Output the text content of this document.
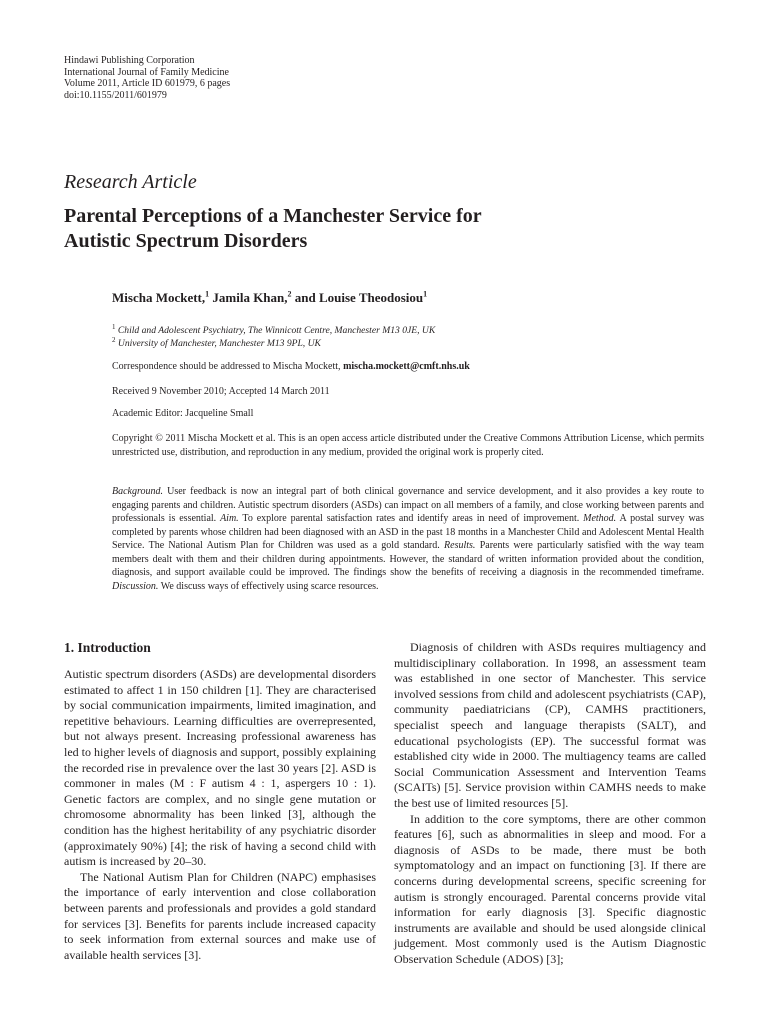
Hindawi Publishing Corporation
International Journal of Family Medicine
Volume 2011, Article ID 601979, 6 pages
doi:10.1155/2011/601979
Research Article
Parental Perceptions of a Manchester Service for
Autistic Spectrum Disorders
Mischa Mockett,$^1$ Jamila Khan,$^2$ and Louise Theodosiou$^1$
$^1$ Child and Adolescent Psychiatry, The Winnicott Centre, Manchester M13 0JE, UK
$^2$ University of Manchester, Manchester M13 9PL, UK
Correspondence should be addressed to Mischa Mockett, mischa.mockett@cmft.nhs.uk
Received 9 November 2010; Accepted 14 March 2011
Academic Editor: Jacqueline Small
Copyright © 2011 Mischa Mockett et al. This is an open access article distributed under the Creative Commons Attribution License, which permits unrestricted use, distribution, and reproduction in any medium, provided the original work is properly cited.
Background. User feedback is now an integral part of both clinical governance and service development, and it also provides a key route to engaging parents and children. Autistic spectrum disorders (ASDs) can impact on all members of a family, and close working between parents and professionals is essential. Aim. To explore parental satisfaction rates and identify areas in need of improvement. Method. A postal survey was completed by parents whose children had been diagnosed with an ASD in the past 18 months in a Manchester Child and Adolescent Mental Health Service. The National Autism Plan for Children was used as a gold standard. Results. Parents were particularly satisfied with the way team members dealt with them and their children during appointments. However, the standard of written information provided about the condition, diagnosis, and support available could be improved. The findings show the benefits of receiving a diagnosis in the recommended timeframe. Discussion. We discuss ways of effectively using scarce resources.
1. Introduction

Autistic spectrum disorders (ASDs) are developmental disorders estimated to affect 1 in 150 children [1]. They are characterised by social communication impairments, limited imagination, and repetitive behaviours. Learning difficulties are overrepresented, but not always present. Increasing professional awareness has led to higher levels of diagnosis and support, possibly explaining the recorded rise in prevalence over the last 30 years [2]. ASD is commoner in males (M : F autism 4 : 1, aspergers 10 : 1). Genetic factors are complex, and no single gene mutation or chromosome abnormality has been linked [3], although the condition has the highest heritability of any psychiatric disorder (approximately 90%) [4]; the risk of having a second child with autism is increased by 20–30.

The National Autism Plan for Children (NAPC) emphasises the importance of early intervention and close collaboration between parents and professionals and provides a gold standard for services [3]. Benefits for parents include increased capacity to seek information from external sources and make use of available health services [3].

Diagnosis of children with ASDs requires multiagency and multidisciplinary collaboration. In 1998, an assessment team was established in one sector of Manchester. This service involved sessions from child and adolescent psychiatrists (CAP), community paediatricians (CP), CAMHS practitioners, specialist speech and language therapists (SALT), and educational psychologists (EP). The successful format was established city wide in 2000. The multiagency teams are called Social Communication Assessment and Intervention Teams (SCAITs) [5]. Service provision within CAMHS needs to make the best use of limited resources [5].

In addition to the core symptoms, there are other common features [6], such as abnormalities in sleep and mood. For a diagnosis of ASDs to be made, there must be both symptomatology and an impact on functioning [3]. If there are concerns during developmental screens, specific screening for autism is strongly encouraged. Parental concerns provide vital information for early diagnosis [3]. Specific diagnostic instruments are available and should be used alongside clinical judgement. Most commonly used is the Autism Diagnostic Observation Schedule (ADOS) [3];
